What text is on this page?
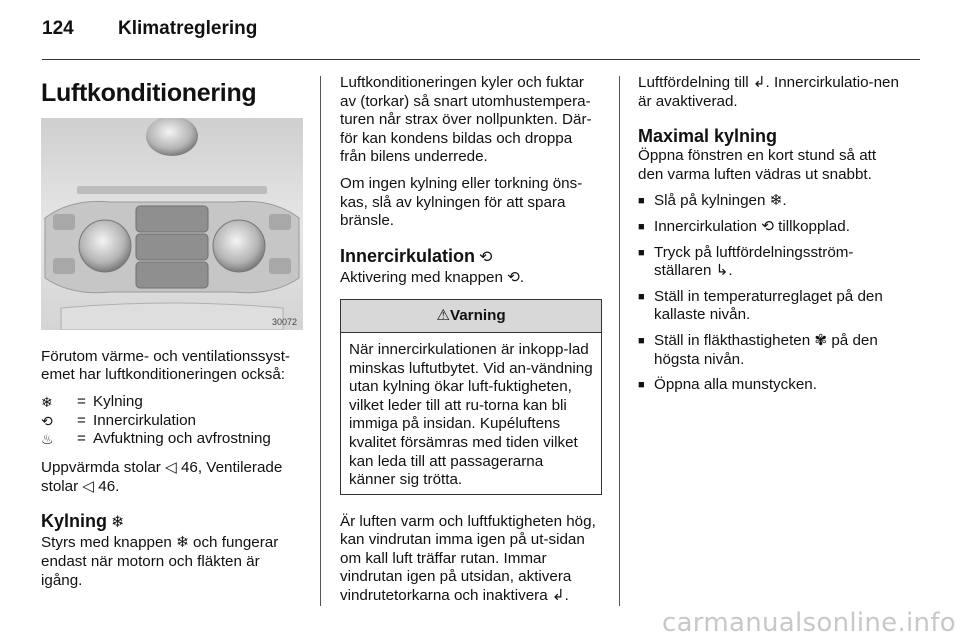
124 Klimatreglering
Luftkonditionering
30072

Förutom värme- och ventilationssyst-emet har luftkonditioneringen också:

❄	= Kylning
⟲	= Innercirkulation
♨	= Avfuktning och avfrostning

Uppvärmda stolar ◁ 46, Ventilerade stolar ◁ 46.

Kylning ❄

Styrs med knappen ❄ och fungerar endast när motorn och fläkten är igång.

Luftkonditioneringen kyler och fuktar av (torkar) så snart utomhustempera-turen når strax över nollpunkten. Där-för kan kondens bildas och droppa från bilens underrede.

Om ingen kylning eller torkning öns-kas, slå av kylningen för att spara bränsle.

Innercirkulation ⟲

Aktivering med knappen ⟲.

⚠Varning
När innercirkulationen är inkopp-lad minskas luftutbytet. Vid an-vändning utan kylning ökar luft-fuktigheten, vilket leder till att ru-torna kan bli immiga på insidan. Kupéluftens kvalitet försämras med tiden vilket kan leda till att passagerarna känner sig trötta.

Är luften varm och luftfuktigheten hög, kan vindrutan imma igen på ut-sidan om kall luft träffar rutan. Immar vindrutan igen på utsidan, aktivera vindrutetorkarna och inaktivera ↲.

Luftfördelning till ↲. Innercirkulatio-nen är avaktiverad.

Maximal kylning

Öppna fönstren en kort stund så att den varma luften vädras ut snabbt.

■ Slå på kylningen ❄.
■ Innercirkulation ⟲ tillkopplad.
■ Tryck på luftfördelningsström-ställaren ↳.
■ Ställ in temperaturreglaget på den kallaste nivån.
■ Ställ in fläkthastigheten ✾ på den högsta nivån.
■ Öppna alla munstycken.
carmanualsonline.info
